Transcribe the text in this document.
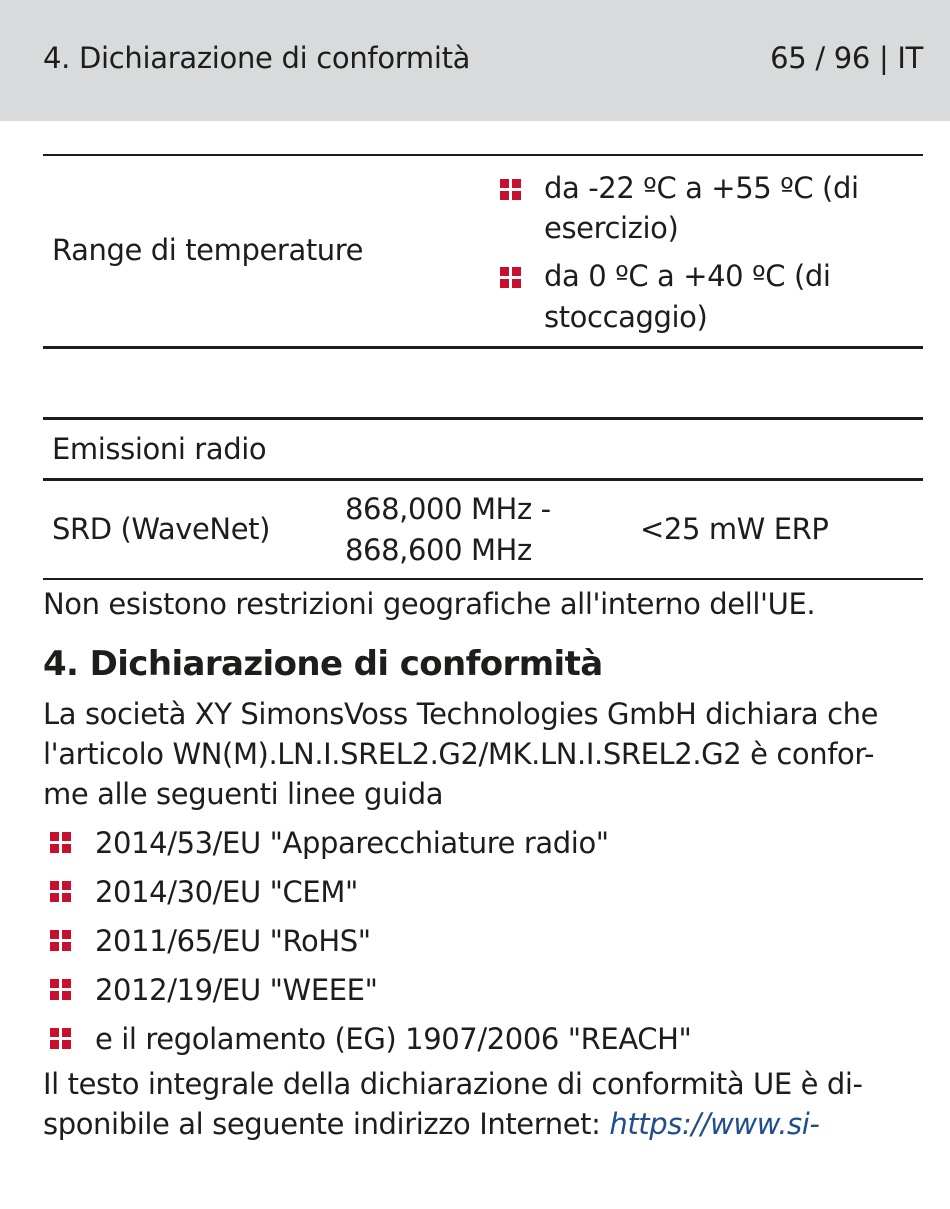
4. Dichiarazione di conformità	65 / 96 | IT
Range di temperature
da -22 ºC a +55 ºC (di
esercizio)
da 0 ºC a +40 ºC (di
stoccaggio)
Emissioni radio
SRD (WaveNet)
868,000 MHz -
868,600 MHz
<25 mW ERP
Non esistono restrizioni geografiche all'interno dell'UE.
4. Dichiarazione di conformità
La società XY SimonsVoss Technologies GmbH dichiara che
l'articolo WN(M).LN.I.SREL2.G2/MK.LN.I.SREL2.G2 è confor-
me alle seguenti linee guida
2014/53/EU "Apparecchiature radio"
2014/30/EU "CEM"
2011/65/EU "RoHS"
2012/19/EU "WEEE"
e il regolamento (EG) 1907/2006 "REACH"
Il testo integrale della dichiarazione di conformità UE è di-
sponibile al seguente indirizzo Internet: https://www.si-
